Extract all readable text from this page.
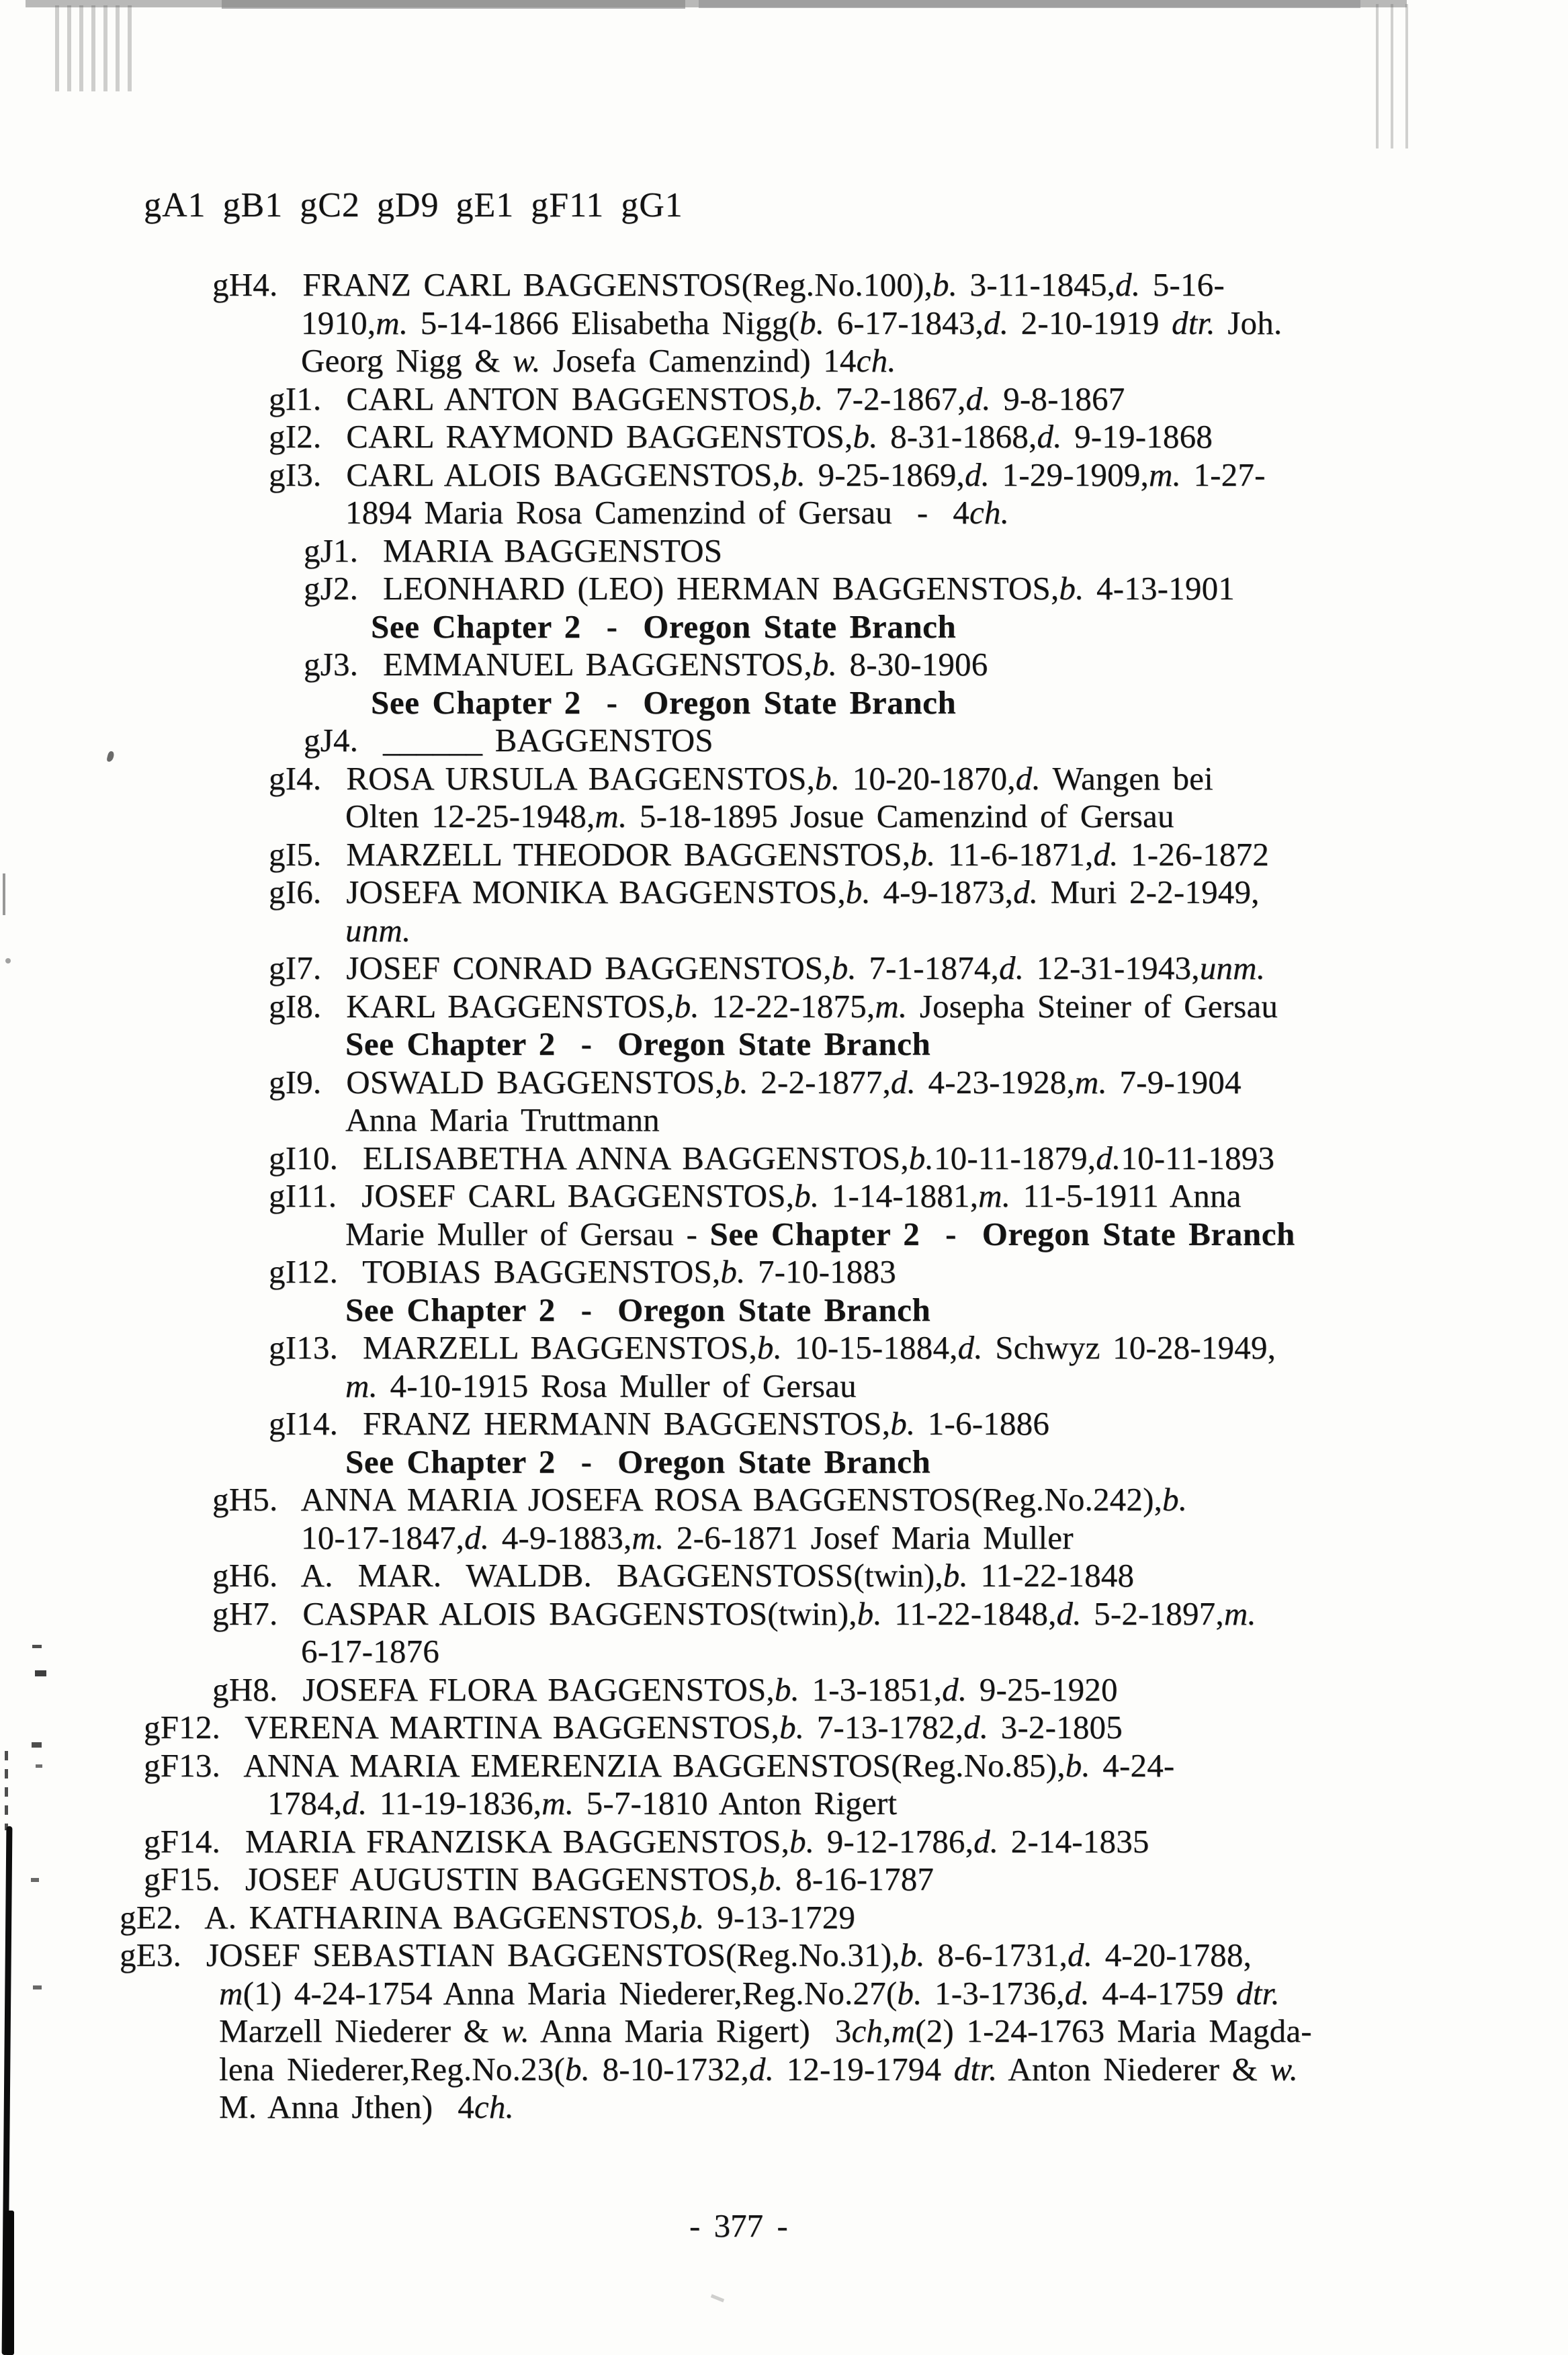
gA1 gB1 gC2 gD9 gE1 gF11 gG1
gH4.  FRANZ CARL BAGGENSTOS(Reg.No.100),b. 3-11-1845,d. 5-16-
1910,m. 5-14-1866 Elisabetha Nigg(b. 6-17-1843,d. 2-10-1919 dtr. Joh.
Georg Nigg & w. Josefa Camenzind) 14ch.
gI1.  CARL ANTON BAGGENSTOS,b. 7-2-1867,d. 9-8-1867
gI2.  CARL RAYMOND BAGGENSTOS,b. 8-31-1868,d. 9-19-1868
gI3.  CARL ALOIS BAGGENSTOS,b. 9-25-1869,d. 1-29-1909,m. 1-27-
1894 Maria Rosa Camenzind of Gersau  -  4ch.
gJ1.  MARIA BAGGENSTOS
gJ2.  LEONHARD (LEO) HERMAN BAGGENSTOS,b. 4-13-1901
See Chapter 2  -  Oregon State Branch
gJ3.  EMMANUEL BAGGENSTOS,b. 8-30-1906
See Chapter 2  -  Oregon State Branch
gJ4.  ______ BAGGENSTOS
gI4.  ROSA URSULA BAGGENSTOS,b. 10-20-1870,d. Wangen bei
Olten 12-25-1948,m. 5-18-1895 Josue Camenzind of Gersau
gI5.  MARZELL THEODOR BAGGENSTOS,b. 11-6-1871,d. 1-26-1872
gI6.  JOSEFA MONIKA BAGGENSTOS,b. 4-9-1873,d. Muri 2-2-1949,
unm.
gI7.  JOSEF CONRAD BAGGENSTOS,b. 7-1-1874,d. 12-31-1943,unm.
gI8.  KARL BAGGENSTOS,b. 12-22-1875,m. Josepha Steiner of Gersau
See Chapter 2  -  Oregon State Branch
gI9.  OSWALD BAGGENSTOS,b. 2-2-1877,d. 4-23-1928,m. 7-9-1904
Anna Maria Truttmann
gI10.  ELISABETHA ANNA BAGGENSTOS,b.10-11-1879,d.10-11-1893
gI11.  JOSEF CARL BAGGENSTOS,b. 1-14-1881,m. 11-5-1911 Anna
Marie Muller of Gersau - See Chapter 2  -  Oregon State Branch
gI12.  TOBIAS BAGGENSTOS,b. 7-10-1883
See Chapter 2  -  Oregon State Branch
gI13.  MARZELL BAGGENSTOS,b. 10-15-1884,d. Schwyz 10-28-1949,
m. 4-10-1915 Rosa Muller of Gersau
gI14.  FRANZ HERMANN BAGGENSTOS,b. 1-6-1886
See Chapter 2  -  Oregon State Branch
gH5.  ANNA MARIA JOSEFA ROSA BAGGENSTOS(Reg.No.242),b.
10-17-1847,d. 4-9-1883,m. 2-6-1871 Josef Maria Muller
gH6.  A.  MAR.  WALDB.  BAGGENSTOSS(twin),b. 11-22-1848
gH7.  CASPAR ALOIS BAGGENSTOS(twin),b. 11-22-1848,d. 5-2-1897,m.
6-17-1876
gH8.  JOSEFA FLORA BAGGENSTOS,b. 1-3-1851,d. 9-25-1920
gF12.  VERENA MARTINA BAGGENSTOS,b. 7-13-1782,d. 3-2-1805
gF13.  ANNA MARIA EMERENZIA BAGGENSTOS(Reg.No.85),b. 4-24-
1784,d. 11-19-1836,m. 5-7-1810 Anton Rigert
gF14.  MARIA FRANZISKA BAGGENSTOS,b. 9-12-1786,d. 2-14-1835
gF15.  JOSEF AUGUSTIN BAGGENSTOS,b. 8-16-1787
gE2.  A. KATHARINA BAGGENSTOS,b. 9-13-1729
gE3.  JOSEF SEBASTIAN BAGGENSTOS(Reg.No.31),b. 8-6-1731,d. 4-20-1788,
m(1) 4-24-1754 Anna Maria Niederer,Reg.No.27(b. 1-3-1736,d. 4-4-1759 dtr.
Marzell Niederer & w. Anna Maria Rigert)  3ch,m(2) 1-24-1763 Maria Magda-
lena Niederer,Reg.No.23(b. 8-10-1732,d. 12-19-1794 dtr. Anton Niederer & w.
M. Anna Jthen)  4ch.
- 377 -
